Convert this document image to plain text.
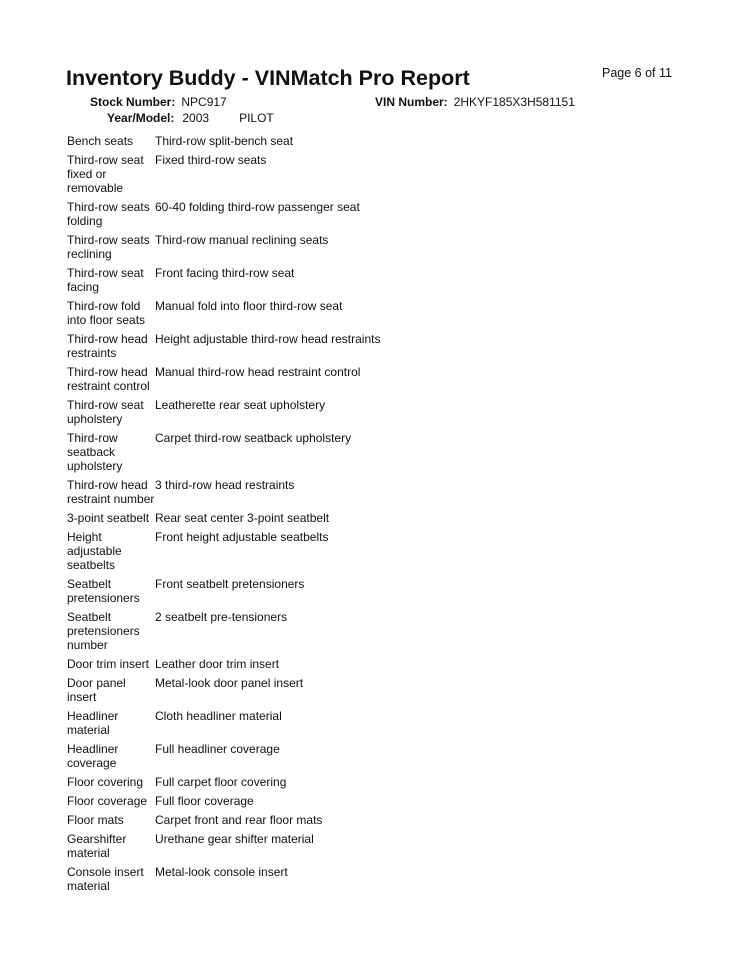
Inventory Buddy - VINMatch Pro Report	Page 6 of 11
Stock Number: NPC917	VIN Number: 2HKYF185X3H581151
Year/Model: 2003	PILOT
Bench seats	Third-row split-bench seat
Third-row seat fixed or removable	Fixed third-row seats
Third-row seats folding	60-40 folding third-row passenger seat
Third-row seats reclining	Third-row manual reclining seats
Third-row seat facing	Front facing third-row seat
Third-row fold into floor seats	Manual fold into floor third-row seat
Third-row head restraints	Height adjustable third-row head restraints
Third-row head restraint control	Manual third-row head restraint control
Third-row seat upholstery	Leatherette rear seat upholstery
Third-row seatback upholstery	Carpet third-row seatback upholstery
Third-row head restraint number	3 third-row head restraints
3-point seatbelt	Rear seat center 3-point seatbelt
Height adjustable seatbelts	Front height adjustable seatbelts
Seatbelt pretensioners	Front seatbelt pretensioners
Seatbelt pretensioners number	2 seatbelt pre-tensioners
Door trim insert	Leather door trim insert
Door panel insert	Metal-look door panel insert
Headliner material	Cloth headliner material
Headliner coverage	Full headliner coverage
Floor covering	Full carpet floor covering
Floor coverage	Full floor coverage
Floor mats	Carpet front and rear floor mats
Gearshifter material	Urethane gear shifter material
Console insert material	Metal-look console insert
